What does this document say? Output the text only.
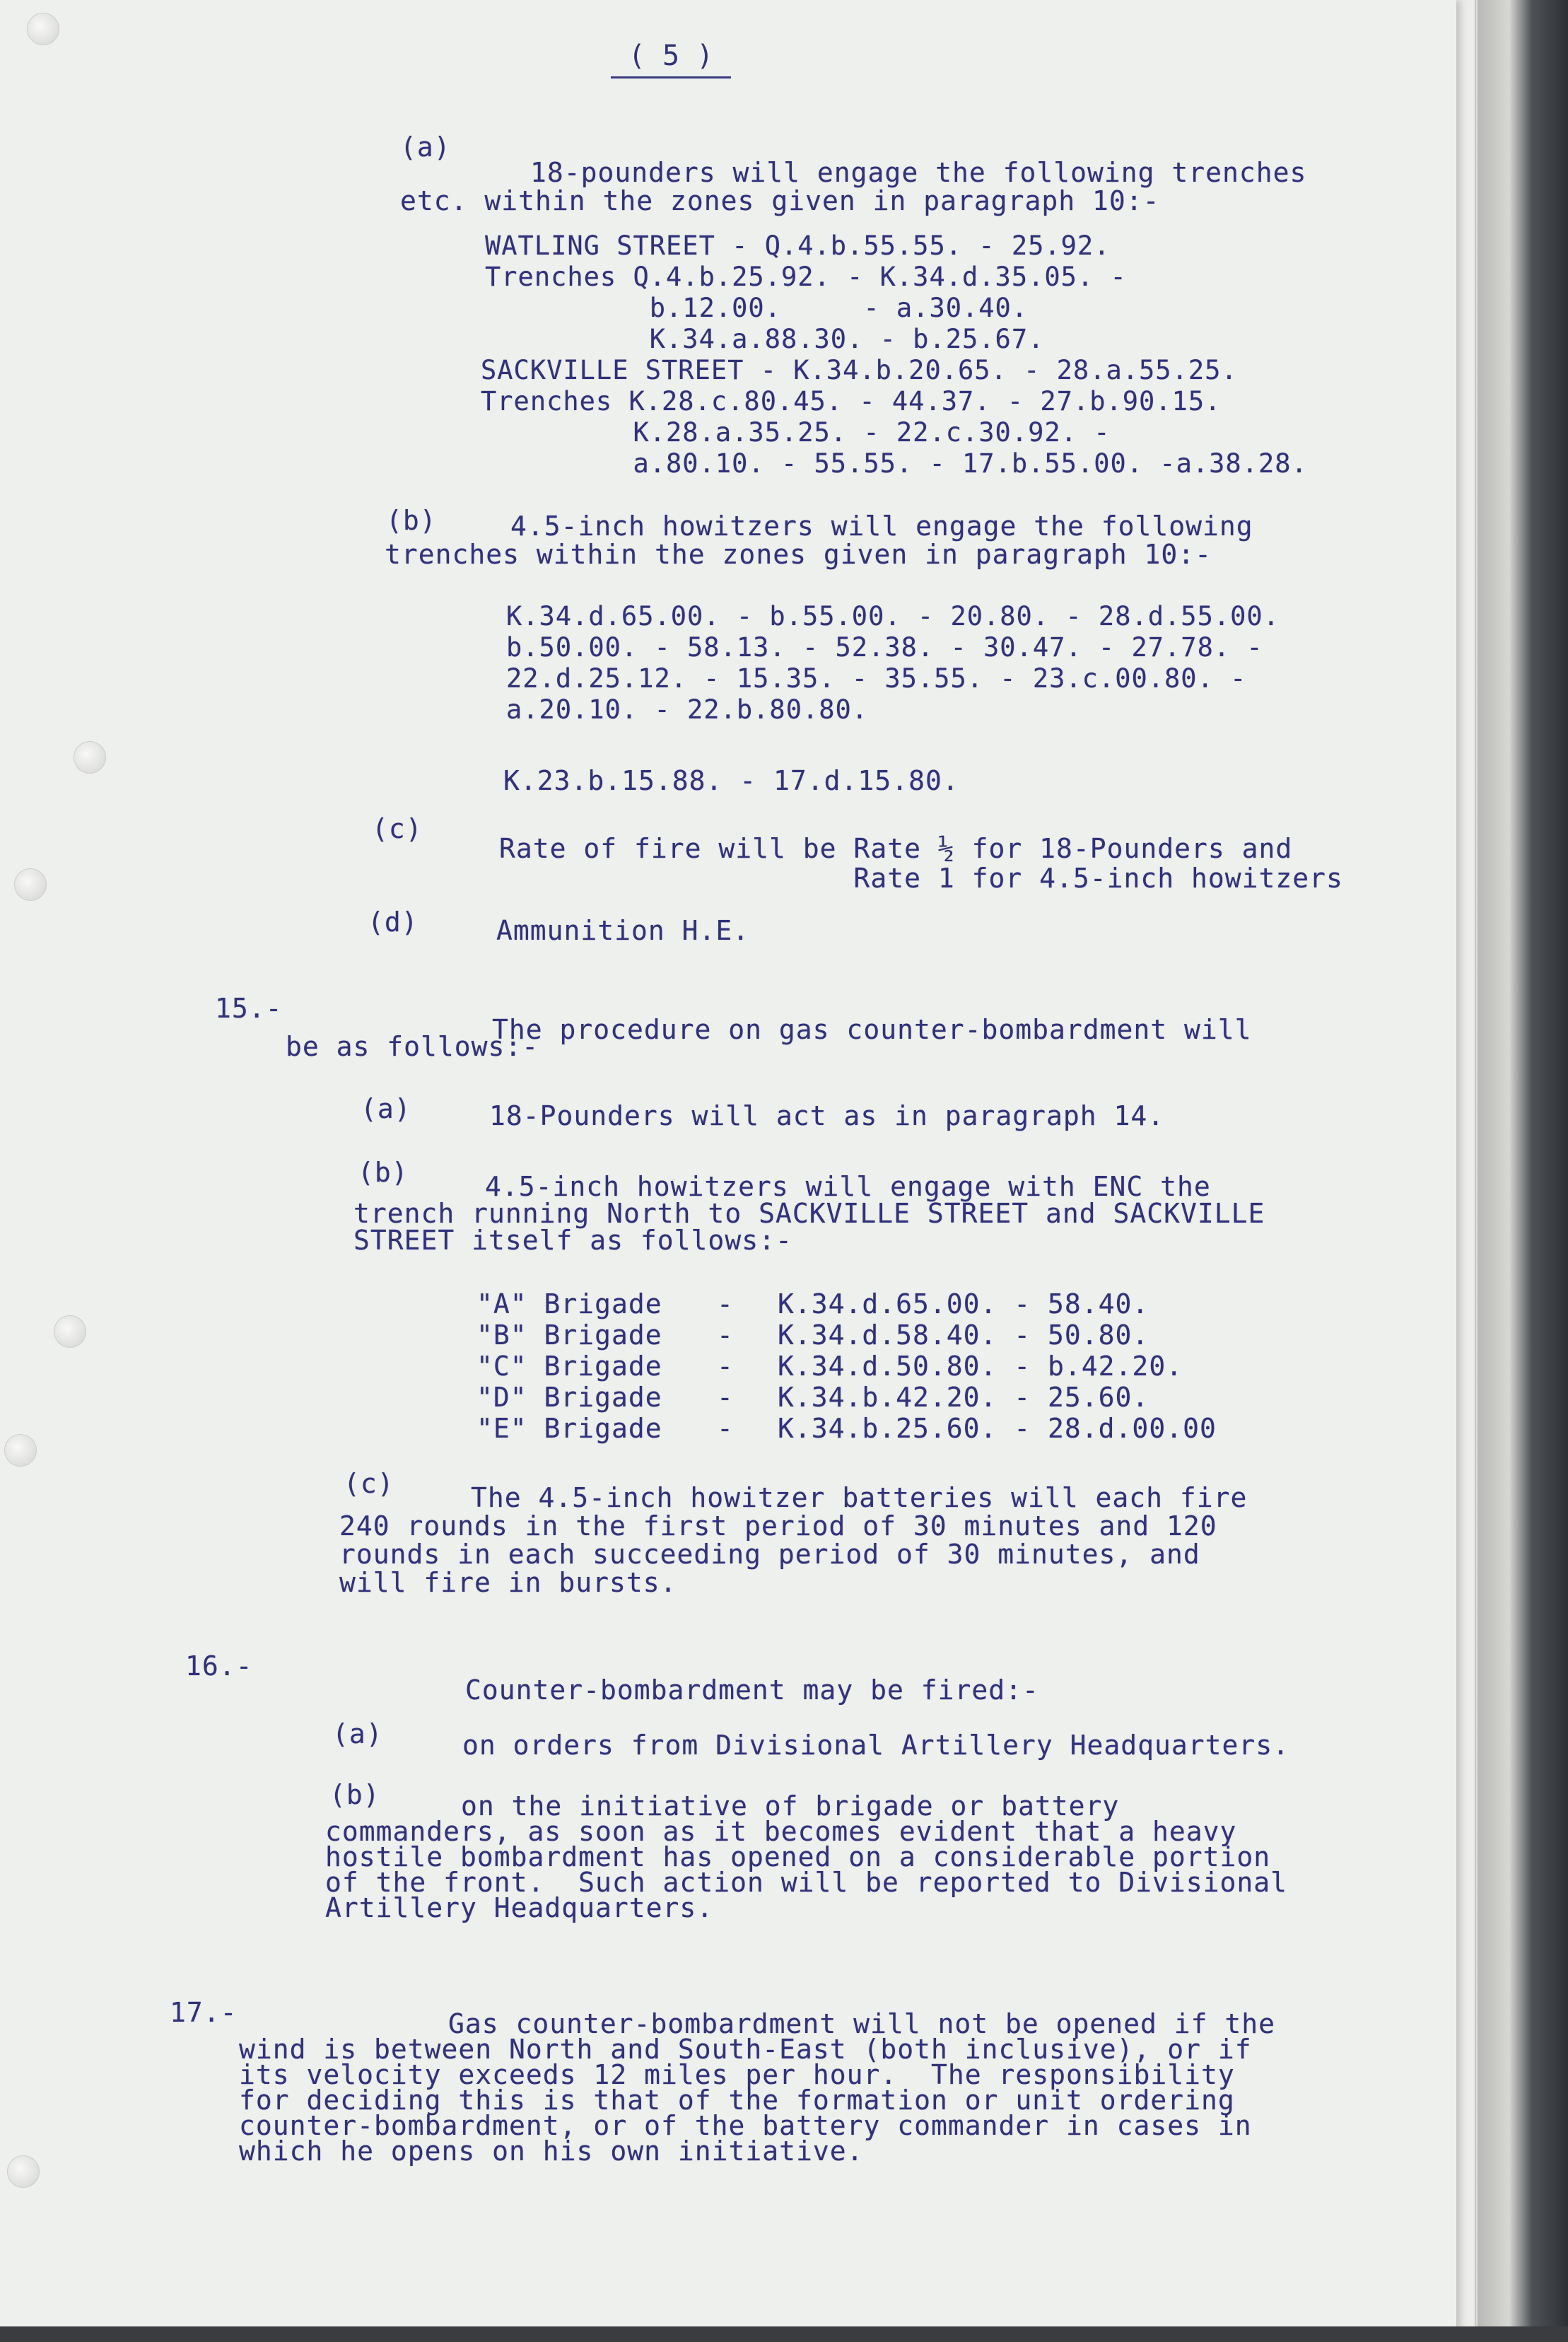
( 5 )
(a)
18-pounders will engage the following trenches
etc. within the zones given in paragraph 10:-
WATLING STREET - Q.4.b.55.55. - 25.92.
Trenches Q.4.b.25.92. - K.34.d.35.05. -
b.12.00.     - a.30.40.
K.34.a.88.30. - b.25.67.
SACKVILLE STREET - K.34.b.20.65. - 28.a.55.25.
Trenches K.28.c.80.45. - 44.37. - 27.b.90.15.
K.28.a.35.25. - 22.c.30.92. -
a.80.10. - 55.55. - 17.b.55.00. -a.38.28.
(b)	4.5-inch howitzers will engage the following
trenches within the zones given in paragraph 10:-
K.34.d.65.00. - b.55.00. - 20.80. - 28.d.55.00.
b.50.00. - 58.13. - 52.38. - 30.47. - 27.78. -
22.d.25.12. - 15.35. - 35.55. - 23.c.00.80. -
a.20.10. - 22.b.80.80.
K.23.b.15.88. - 17.d.15.80.
(c)
Rate of fire will be Rate ½ for 18-Pounders and
Rate 1 for 4.5-inch howitzers
(d)	Ammunition H.E.
15.-
The procedure on gas counter-bombardment will
be as follows:-
(a)	18-Pounders will act as in paragraph 14.
(b)	4.5-inch howitzers will engage with ENC the
trench running North to SACKVILLE STREET and SACKVILLE
STREET itself as follows:-
"A" Brigade - K.34.d.65.00. - 58.40.
"B" Brigade - K.34.d.58.40. - 50.80.
"C" Brigade - K.34.d.50.80. - b.42.20.
"D" Brigade - K.34.b.42.20. - 25.60.
"E" Brigade - K.34.b.25.60. - 28.d.00.00
(c)	The 4.5-inch howitzer batteries will each fire
240 rounds in the first period of 30 minutes and 120
rounds in each succeeding period of 30 minutes, and
will fire in bursts.
16.-
Counter-bombardment may be fired:-
(a)	on orders from Divisional Artillery Headquarters.
(b)	on the initiative of brigade or battery
commanders, as soon as it becomes evident that a heavy
hostile bombardment has opened on a considerable portion
of the front.  Such action will be reported to Divisional
Artillery Headquarters.
17.-	Gas counter-bombardment will not be opened if the
wind is between North and South-East (both inclusive), or if
its velocity exceeds 12 miles per hour.  The responsibility
for deciding this is that of the formation or unit ordering
counter-bombardment, or of the battery commander in cases in
which he opens on his own initiative.
